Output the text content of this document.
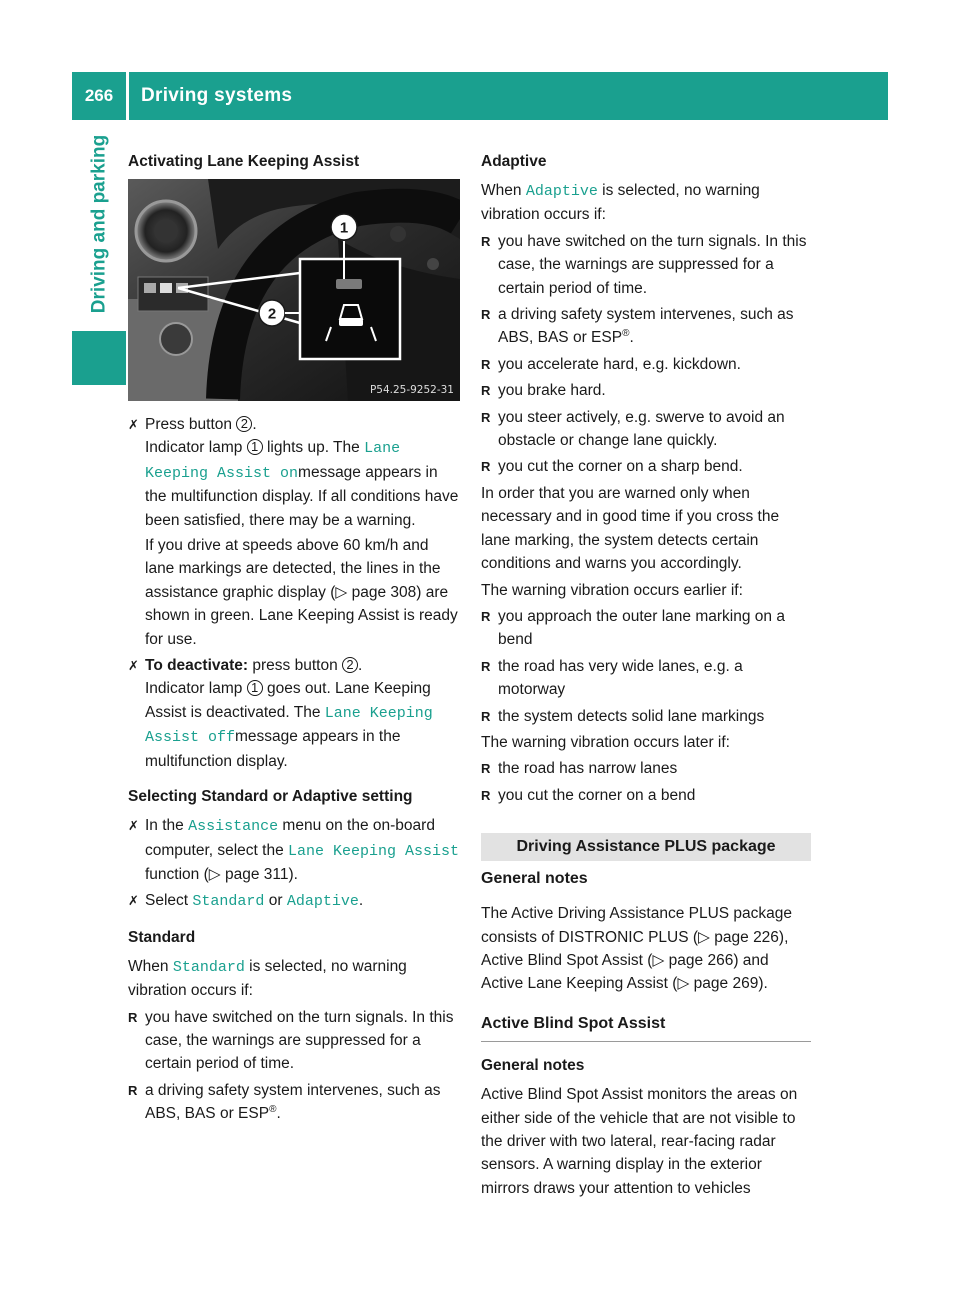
266	Driving systems
Driving and parking Activating Lane Keeping Assist
1
2
P54.25-9252-31
✗ Press button 2 .
Indicator lamp 1 lights up. The Lane Keeping Assist onmessage appears in the multifunction display. If all conditions have been satisfied, there may be a warning.

If you drive at speeds above 60 km/h and lane markings are detected, the lines in the assistance graphic display (▷ page 308) are shown in green. Lane Keeping Assist is ready for use.

✗ To deactivate: press button 2 .
Indicator lamp 1 goes out. Lane Keeping Assist is deactivated. The Lane Keeping Assist offmessage appears in the multifunction display.
Selecting Standard or Adaptive setting
✗ In the Assistance menu on the on-board computer, select the Lane Keeping Assist function (▷ page 311).
✗ Select Standard or Adaptive.
Standard

When Standard is selected, no warning vibration occurs if:

R you have switched on the turn signals. In this case, the warnings are suppressed for a certain period of time.
R a driving safety system intervenes, such as ABS, BAS or ESP®.
Adaptive

When Adaptive is selected, no warning vibration occurs if:

R you have switched on the turn signals. In this case, the warnings are suppressed for a certain period of time.
R a driving safety system intervenes, such as ABS, BAS or ESP®.
R you accelerate hard, e.g. kickdown.
R you brake hard.
R you steer actively, e.g. swerve to avoid an obstacle or change lane quickly.
R you cut the corner on a sharp bend.

In order that you are warned only when necessary and in good time if you cross the lane marking, the system detects certain conditions and warns you accordingly.

The warning vibration occurs earlier if:

R you approach the outer lane marking on a bend
R the road has very wide lanes, e.g. a motorway
R the system detects solid lane markings

The warning vibration occurs later if:

R the road has narrow lanes
R you cut the corner on a bend
Driving Assistance PLUS package
General notes

The Active Driving Assistance PLUS package consists of DISTRONIC PLUS (▷ page 226), Active Blind Spot Assist (▷ page 266) and Active Lane Keeping Assist (▷ page 269).

Active Blind Spot Assist
General notes

Active Blind Spot Assist monitors the areas on either side of the vehicle that are not visible to the driver with two lateral, rear-facing radar sensors. A warning display in the exterior mirrors draws your attention to vehicles
